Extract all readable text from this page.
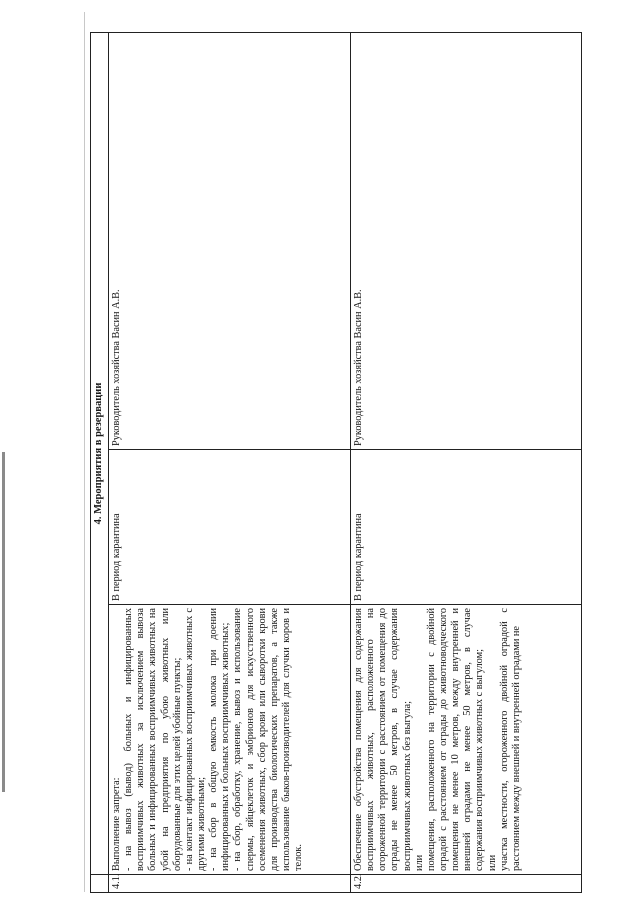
	4. Мероприятия в резервации		
4.1.	Выполнение запрета: - на вывоз (вывод) больных и инфицированных восприимчивых животных за исключением вывоза больных и инфицированных восприимчивых животных на убой на предприятия по убою животных или оборудованные для этих целей убойные пункты; - на контакт инфицированных восприимчивых животных с другими животными; - на сбор в общую емкость молока при доении инфицированных и больных восприимчивых животных; - на сбор, обработку, хранение, вывоз и использование спермы, яйцеклеток и эмбрионов для искусственного осеменения животных, сбор крови или сыворотки крови для производства биологических препаратов, а также использование быков-производителей для случки коров и телок.	В период карантина	Руководитель хозяйства Васин А.В.
4.2.	Обеспечение обустройства помещения для содержания восприимчивых животных, расположенного на огороженной территории с расстоянием от помещения до ограды не менее 50 метров, в случае содержания восприимчивых животных без выгула; или помещения, расположенного на территории с двойной оградой с расстоянием от ограды до животноводческого помещения не менее 10 метров, между внутренней и внешней оградами не менее 50 метров, в случае содержания восприимчивых животных с выгулом; или участка местности, огороженного двойной оградой с расстоянием между внешней и внутренней оградами не	В период карантина	Руководитель хозяйства Васин А.В.
